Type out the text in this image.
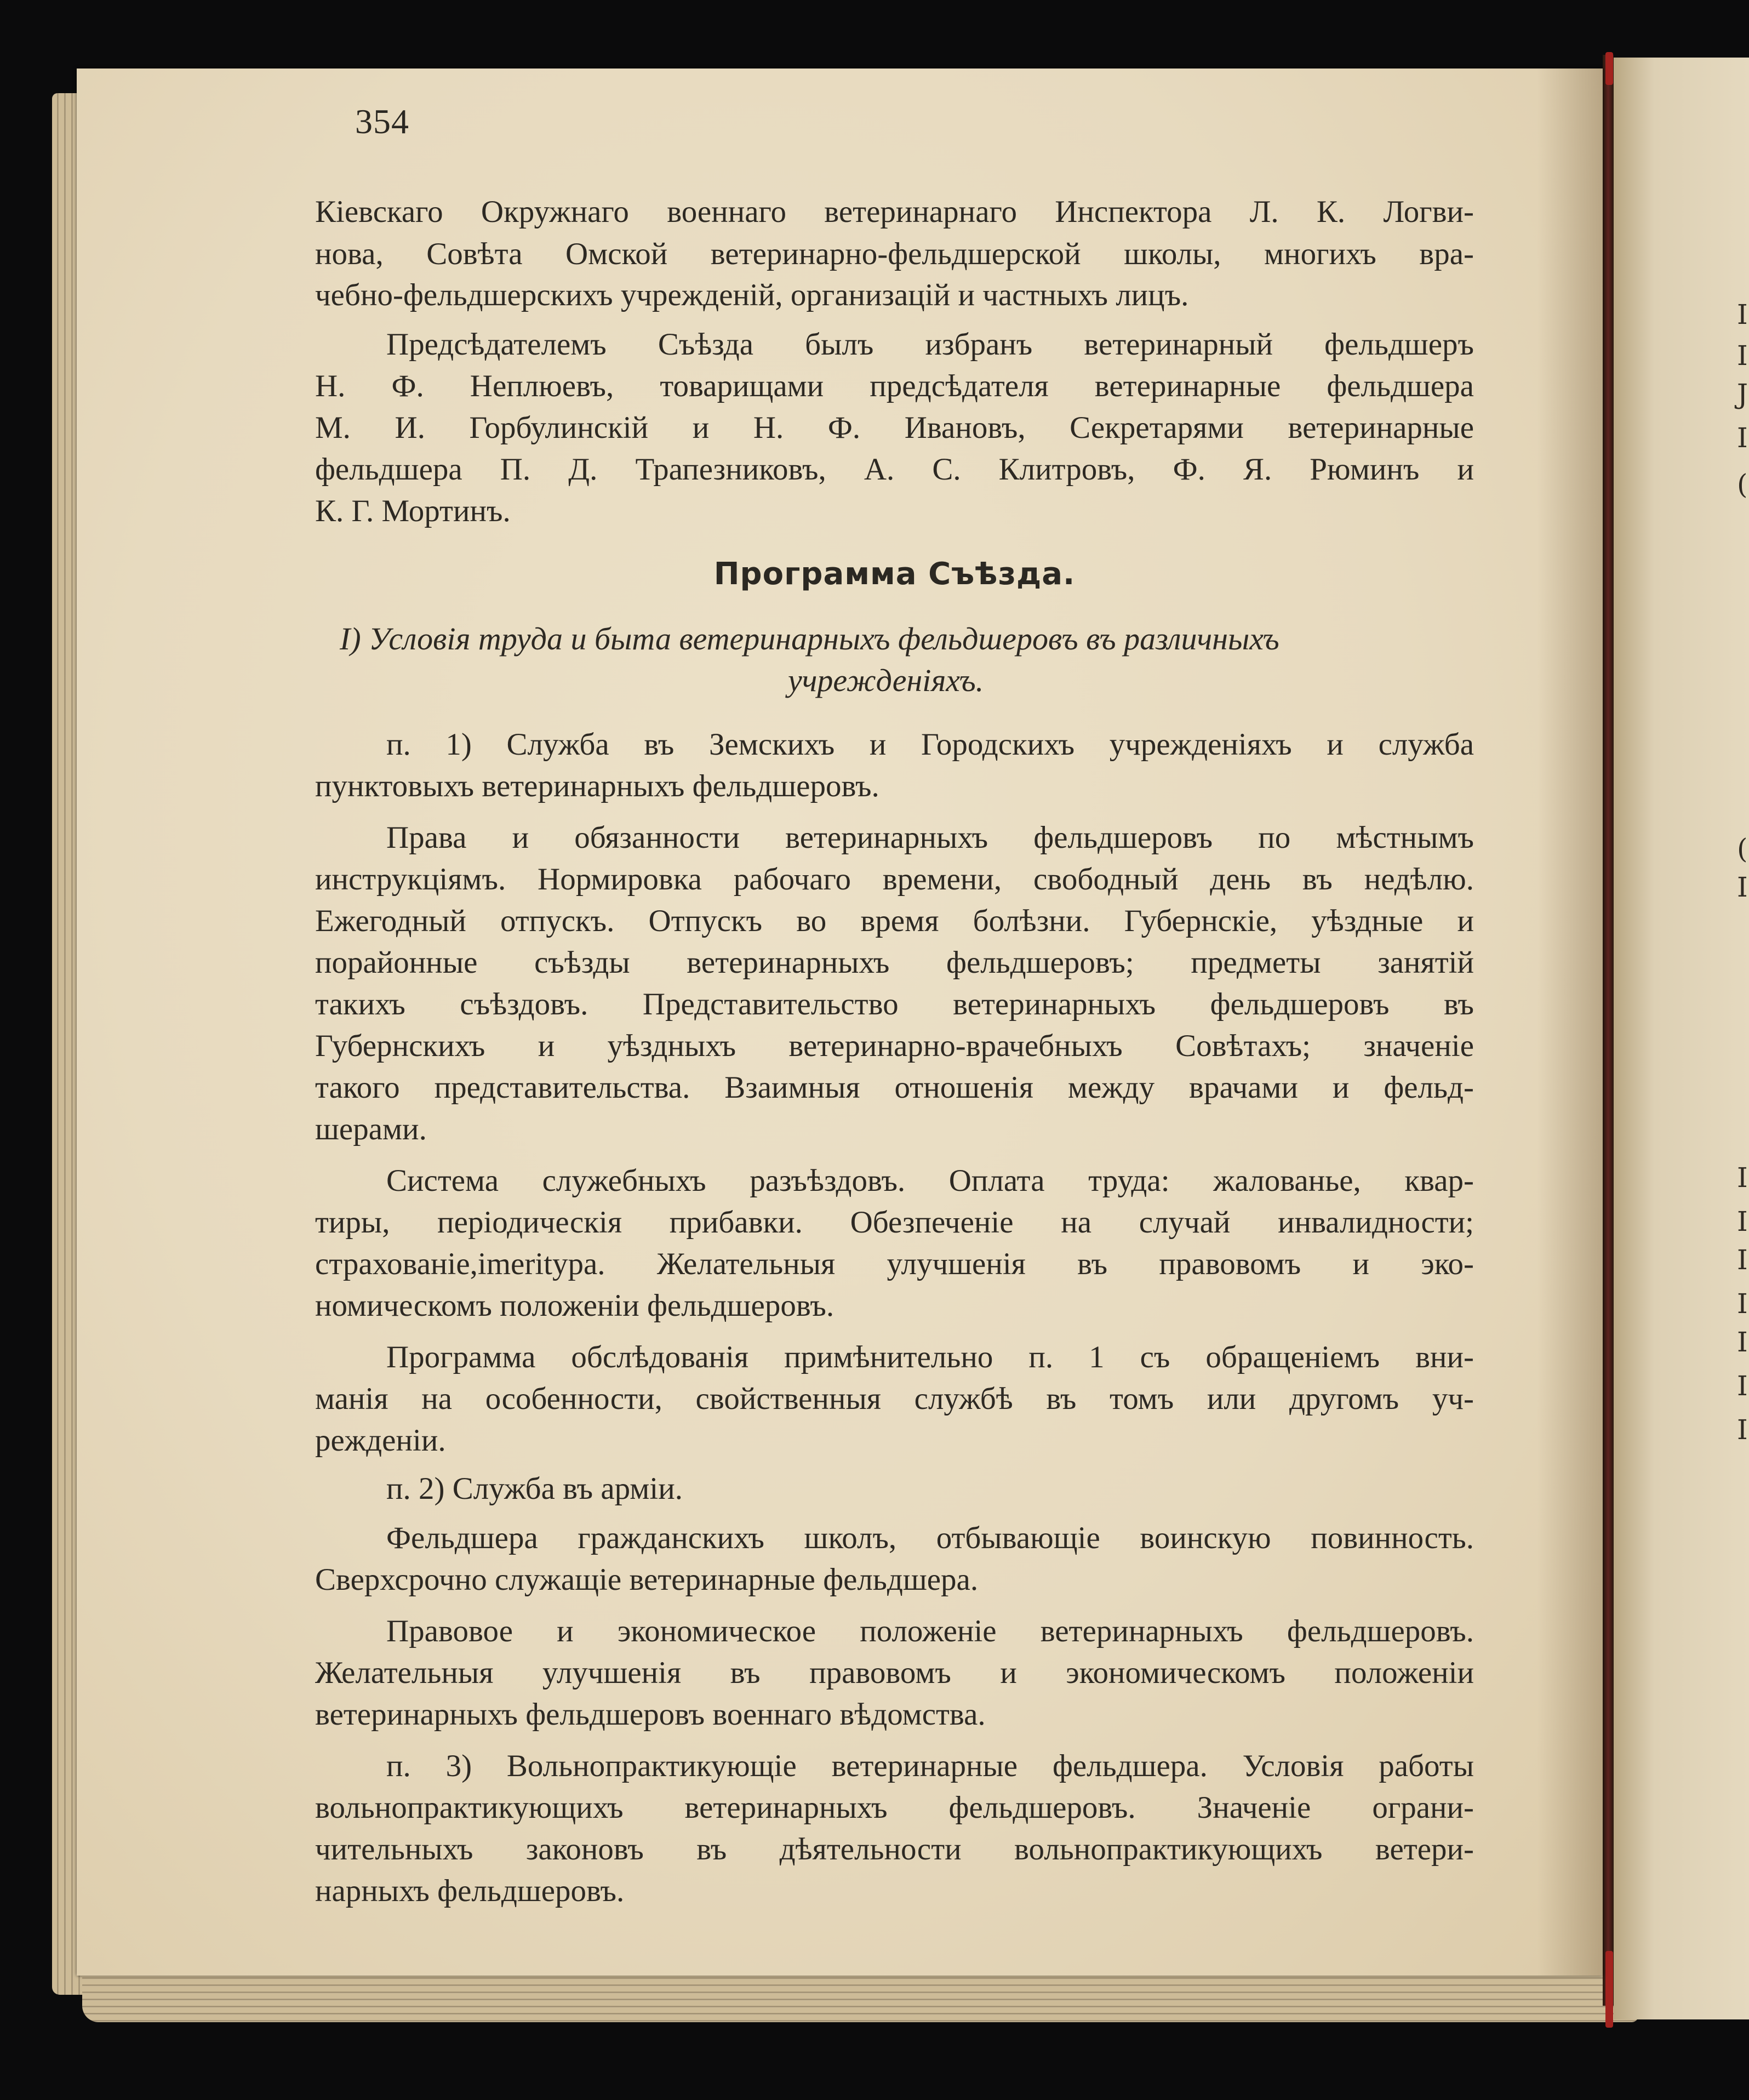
I
I
J
I
(
(
I
I
I
I
I
I
I
I
354
Кіевскаго Окружнаго военнаго ветеринарнаго Инспектора Л. К. Логви-
нова, Совѣта Омской ветеринарно-фельдшерской школы, многихъ вра-
чебно-фельдшерскихъ учрежденій, организацій и частныхъ лицъ.
Предсѣдателемъ Съѣзда былъ избранъ ветеринарный фельдшеръ
Н. Ф. Неплюевъ, товарищами предсѣдателя ветеринарные фельдшера
М. И. Горбулинскій и Н. Ф. Ивановъ, Секретарями ветеринарные
фельдшера П. Д. Трапезниковъ, А. С. Клитровъ, Ф. Я. Рюминъ и
К. Г. Мортинъ.
Программа Съѣзда.
I) Условія труда и быта ветеринарныхъ фельдшеровъ въ различныхъ
учрежденіяхъ.
п. 1) Служба въ Земскихъ и Городскихъ учрежденіяхъ и служба
пунктовыхъ ветеринарныхъ фельдшеровъ.
Права и обязанности ветеринарныхъ фельдшеровъ по мѣстнымъ
инструкціямъ. Нормировка рабочаго времени, свободный день въ недѣлю.
Ежегодный отпускъ. Отпускъ во время болѣзни. Губернскіе, уѣздные и
порайонные съѣзды ветеринарныхъ фельдшеровъ; предметы занятій
такихъ съѣздовъ. Представительство ветеринарныхъ фельдшеровъ въ
Губернскихъ и уѣздныхъ ветеринарно-врачебныхъ Совѣтахъ; значеніе
такого представительства. Взаимныя отношенія между врачами и фельд-
шерами.
Система служебныхъ разъѣздовъ. Оплата труда: жалованье, квар-
тиры, періодическія прибавки. Обезпеченіе на случай инвалидности;
страхованіе,imeritура. Желательныя улучшенія въ правовомъ и эко-
номическомъ положеніи фельдшеровъ.
Программа обслѣдованія примѣнительно п. 1 съ обращеніемъ вни-
манія на особенности, свойственныя службѣ въ томъ или другомъ уч-
режденіи.
п. 2) Служба въ арміи.
Фельдшера гражданскихъ школъ, отбывающіе воинскую повинность.
Сверхсрочно служащіе ветеринарные фельдшера.
Правовое и экономическое положеніе ветеринарныхъ фельдшеровъ.
Желательныя улучшенія въ правовомъ и экономическомъ положеніи
ветеринарныхъ фельдшеровъ военнаго вѣдомства.
п. 3) Вольнопрактикующіе ветеринарные фельдшера. Условія работы
вольнопрактикующихъ ветеринарныхъ фельдшеровъ. Значеніе ограни-
чительныхъ законовъ въ дѣятельности вольнопрактикующихъ ветери-
нарныхъ фельдшеровъ.
